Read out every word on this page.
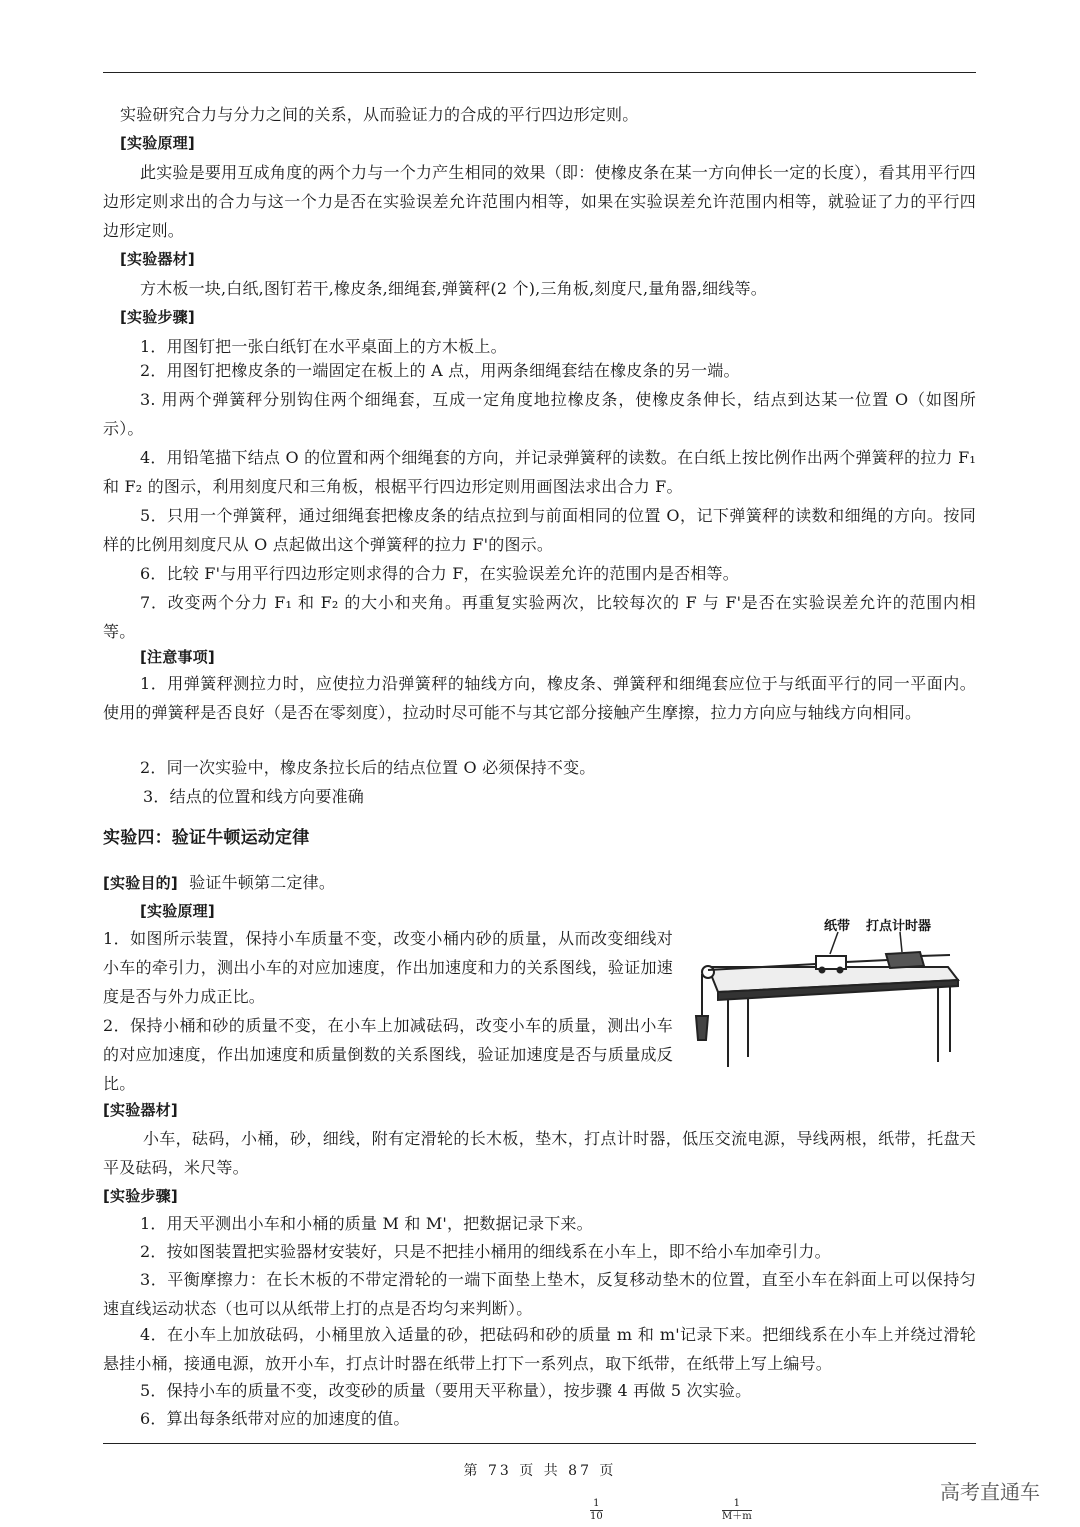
实验研究合力与分力之间的关系，从而验证力的合成的平行四边形定则。

[实验原理]

此实验是要用互成角度的两个力与一个力产生相同的效果（即：使橡皮条在某一方向伸长一定的长度），看其用平行四边形定则求出的合力与这一个力是否在实验误差允许范围内相等，如果在实验误差允许范围内相等，就验证了力的平行四边形定则。

[实验器材]

方木板一块,白纸,图钉若干,橡皮条,细绳套,弹簧秤(2 个),三角板,刻度尺,量角器,细线等。

[实验步骤]

1．用图钉把一张白纸钉在水平桌面上的方木板上。

2．用图钉把橡皮条的一端固定在板上的 A 点，用两条细绳套结在橡皮条的另一端。

3. 用两个弹簧秤分别钩住两个细绳套，互成一定角度地拉橡皮条，使橡皮条伸长，结点到达某一位置 O（如图所示）。

4．用铅笔描下结点 O 的位置和两个细绳套的方向，并记录弹簧秤的读数。在白纸上按比例作出两个弹簧秤的拉力 F₁ 和 F₂ 的图示，利用刻度尺和三角板，根椐平行四边形定则用画图法求出合力 F。

5．只用一个弹簧秤，通过细绳套把橡皮条的结点拉到与前面相同的位置 O，记下弹簧秤的读数和细绳的方向。按同样的比例用刻度尺从 O 点起做出这个弹簧秤的拉力 F'的图示。

6．比较 F'与用平行四边形定则求得的合力 F，在实验误差允许的范围内是否相等。

7．改变两个分力 F₁ 和 F₂ 的大小和夹角。再重复实验两次，比较每次的 F 与 F'是否在实验误差允许的范围内相等。

[注意事项]

1．用弹簧秤测拉力时，应使拉力沿弹簧秤的轴线方向，橡皮条、弹簧秤和细绳套应位于与纸面平行的同一平面内。使用的弹簧秤是否良好（是否在零刻度），拉动时尽可能不与其它部分接触产生摩擦，拉力方向应与轴线方向相同。

2．同一次实验中，橡皮条拉长后的结点位置 O 必须保持不变。

3．结点的位置和线方向要准确

实验四：验证牛顿运动定律

[实验目的] 验证牛顿第二定律。

[实验原理]

1．如图所示装置，保持小车质量不变，改变小桶内砂的质量，从而改变细线对小车的牵引力，测出小车的对应加速度，作出加速度和力的关系图线，验证加速度是否与外力成正比。

2．保持小桶和砂的质量不变，在小车上加减砝码，改变小车的质量，测出小车的对应加速度，作出加速度和质量倒数的关系图线，验证加速度是否与质量成反比。

纸带 打点计时器

[实验器材]

小车，砝码，小桶，砂，细线，附有定滑轮的长木板，垫木，打点计时器，低压交流电源，导线两根，纸带，托盘天平及砝码，米尺等。

[实验步骤]

1．用天平测出小车和小桶的质量 M 和 M'，把数据记录下来。

2．按如图装置把实验器材安装好，只是不把挂小桶用的细线系在小车上，即不给小车加牵引力。

3．平衡摩擦力：在长木板的不带定滑轮的一端下面垫上垫木，反复移动垫木的位置，直至小车在斜面上可以保持匀速直线运动状态（也可以从纸带上打的点是否均匀来判断）。

4．在小车上加放砝码，小桶里放入适量的砂，把砝码和砂的质量 m 和 m'记录下来。把细线系在小车上并绕过滑轮悬挂小桶，接通电源，放开小车，打点计时器在纸带上打下一系列点，取下纸带，在纸带上写上编号。

5．保持小车的质量不变，改变砂的质量（要用天平称量），按步骤 4 再做 5 次实验。

6．算出每条纸带对应的加速度的值。

第 73 页 共 87 页
高考直通车
$\frac{1}{10}$	$\frac{1}{M+m}$
